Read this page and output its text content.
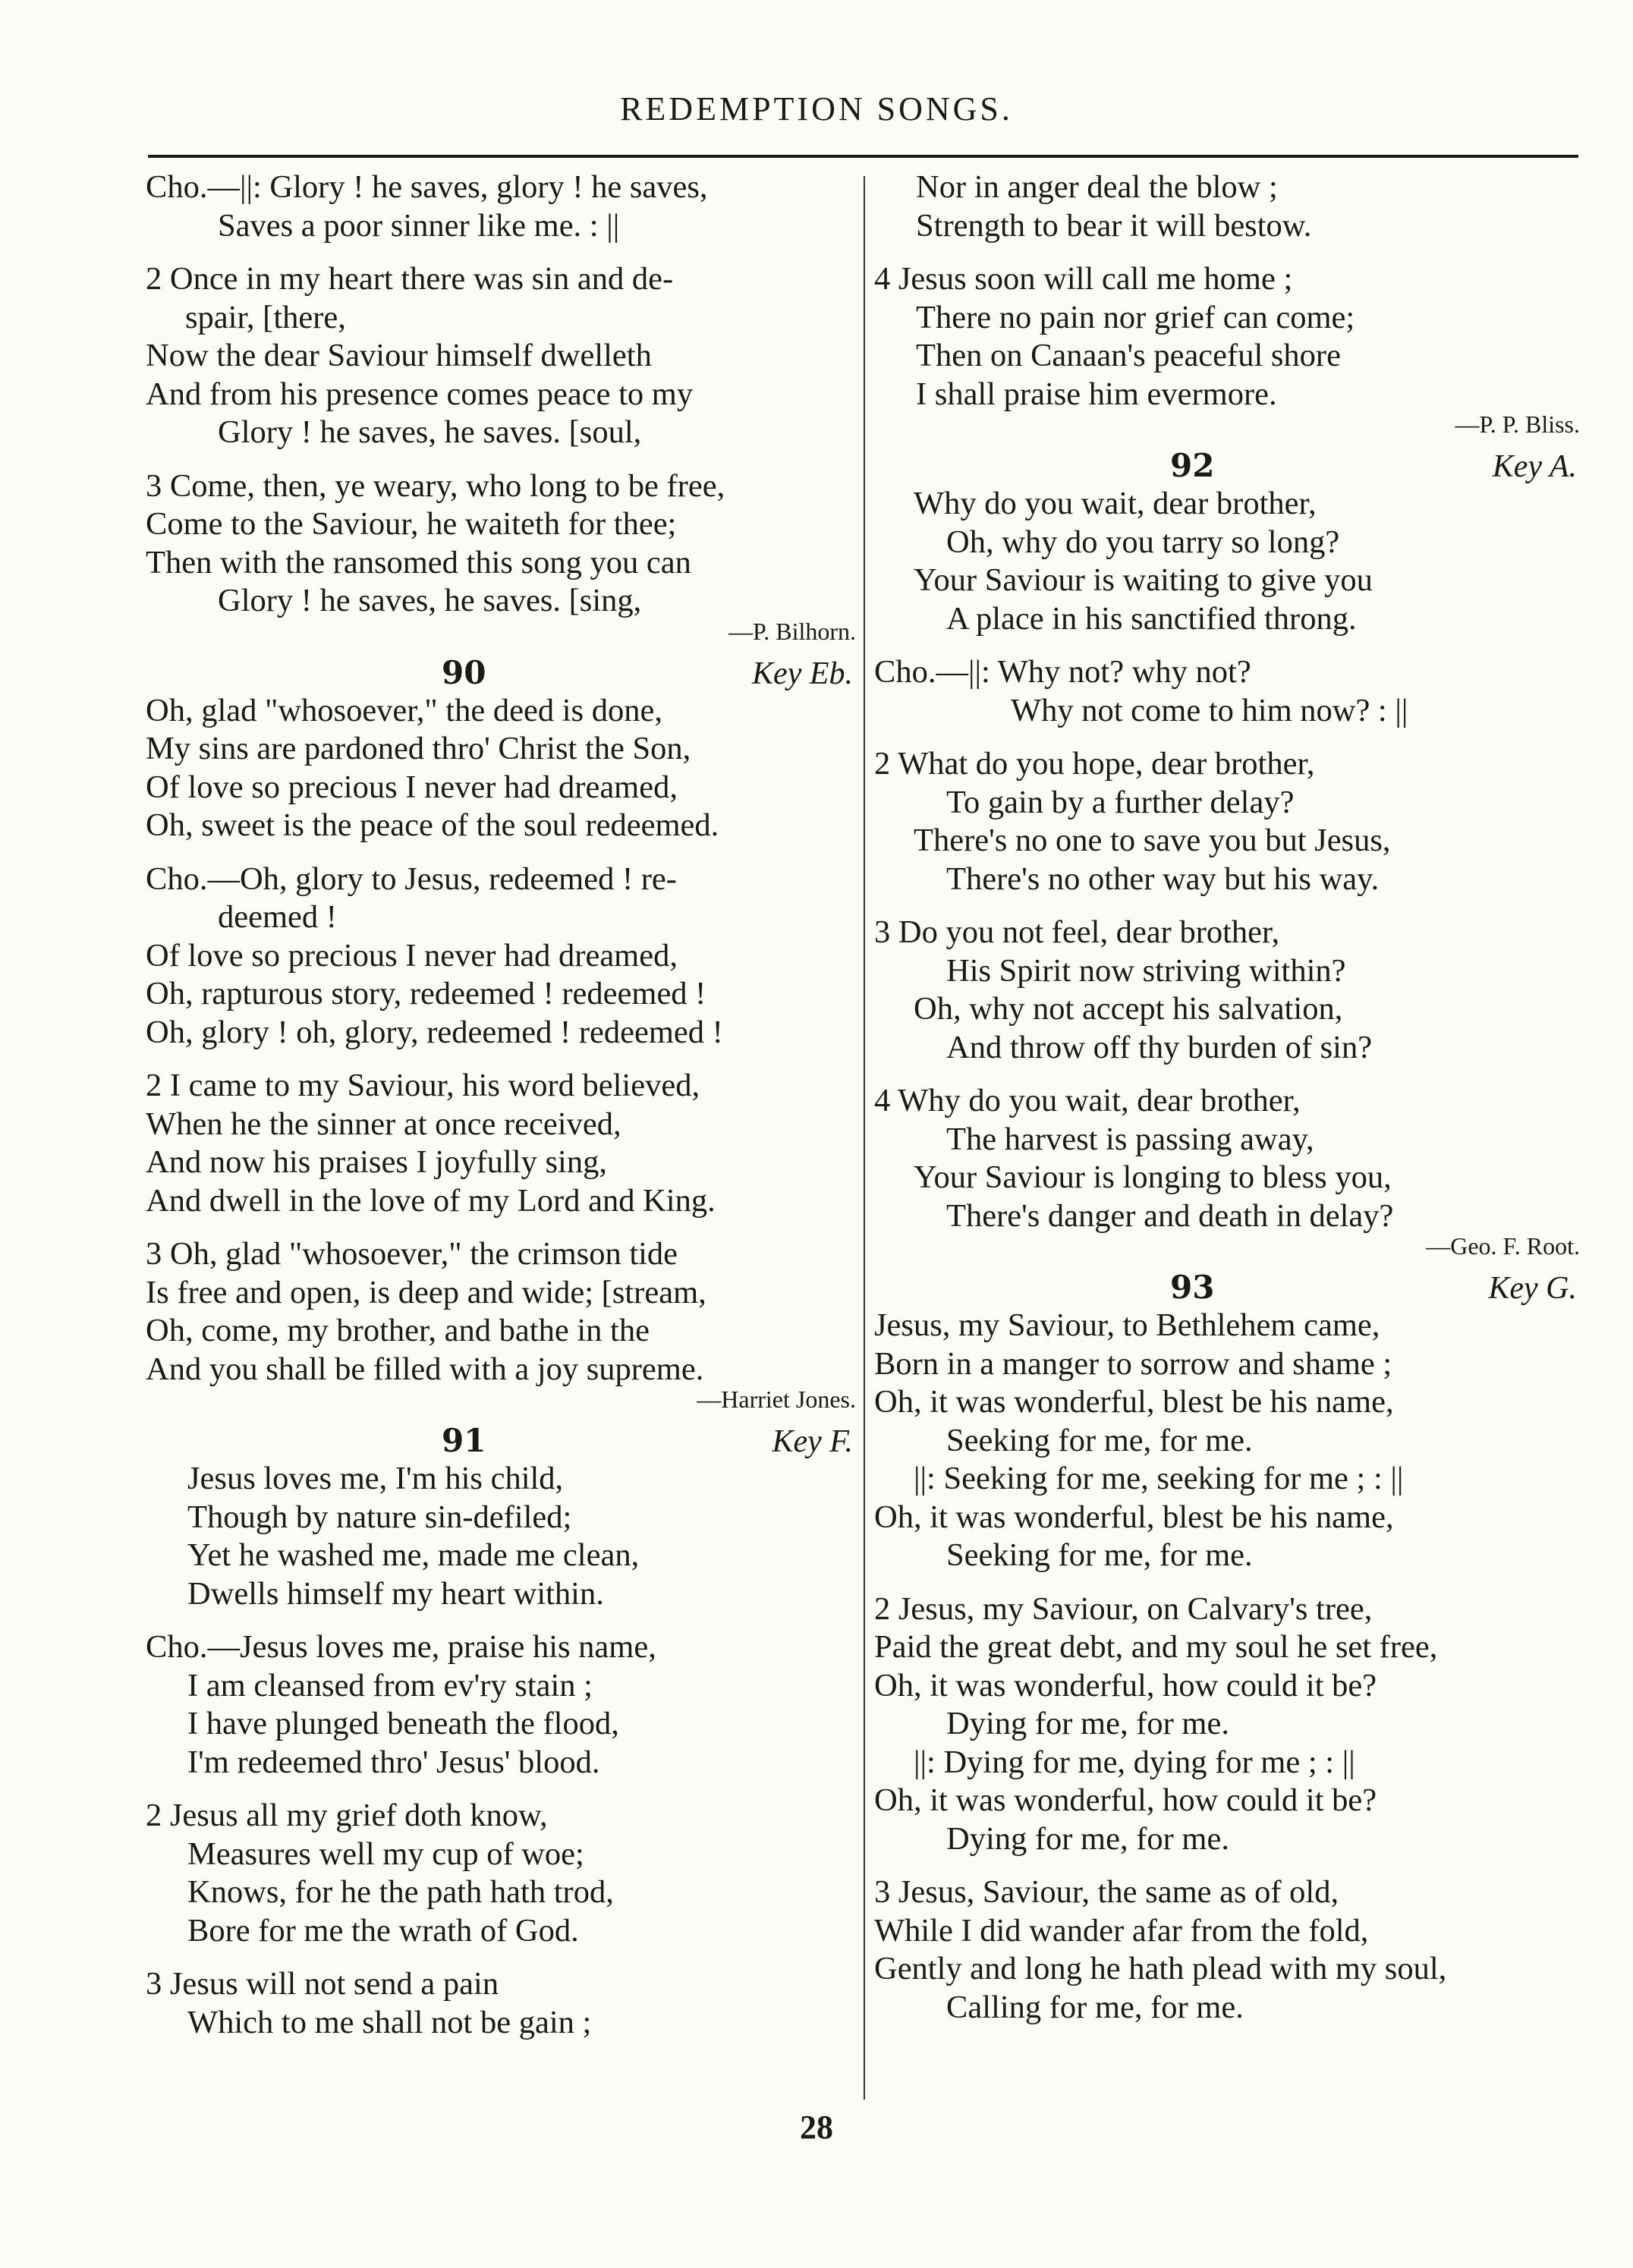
REDEMPTION SONGS.
Cho.—||: Glory ! he saves, glory ! he saves,
Saves a poor sinner like me. : ||
2 Once in my heart there was sin and de-
spair, [there,
Now the dear Saviour himself dwelleth
And from his presence comes peace to my
Glory ! he saves, he saves. [soul,
3 Come, then, ye weary, who long to be free,
Come to the Saviour, he waiteth for thee;
Then with the ransomed this song you can
Glory ! he saves, he saves. [sing,
—P. Bilhorn.
90	Key Eb.
Oh, glad "whosoever," the deed is done,
My sins are pardoned thro' Christ the Son,
Of love so precious I never had dreamed,
Oh, sweet is the peace of the soul redeemed.
Cho.—Oh, glory to Jesus, redeemed ! re-
deemed !
Of love so precious I never had dreamed,
Oh, rapturous story, redeemed ! redeemed !
Oh, glory ! oh, glory, redeemed ! redeemed !
2 I came to my Saviour, his word believed,
When he the sinner at once received,
And now his praises I joyfully sing,
And dwell in the love of my Lord and King.
3 Oh, glad "whosoever," the crimson tide
Is free and open, is deep and wide; [stream,
Oh, come, my brother, and bathe in the
And you shall be filled with a joy supreme.
—Harriet Jones.
91	Key F.
Jesus loves me, I'm his child,
Though by nature sin-defiled;
Yet he washed me, made me clean,
Dwells himself my heart within.
Cho.—Jesus loves me, praise his name,
I am cleansed from ev'ry stain ;
I have plunged beneath the flood,
I'm redeemed thro' Jesus' blood.
2 Jesus all my grief doth know,
Measures well my cup of woe;
Knows, for he the path hath trod,
Bore for me the wrath of God.
3 Jesus will not send a pain
Which to me shall not be gain ;
Nor in anger deal the blow ;
Strength to bear it will bestow.
4 Jesus soon will call me home ;
There no pain nor grief can come;
Then on Canaan's peaceful shore
I shall praise him evermore.
—P. P. Bliss.
92	Key A.
Why do you wait, dear brother,
Oh, why do you tarry so long?
Your Saviour is waiting to give you
A place in his sanctified throng.
Cho.—||: Why not? why not?
Why not come to him now? : ||
2 What do you hope, dear brother,
To gain by a further delay?
There's no one to save you but Jesus,
There's no other way but his way.
3 Do you not feel, dear brother,
His Spirit now striving within?
Oh, why not accept his salvation,
And throw off thy burden of sin?
4 Why do you wait, dear brother,
The harvest is passing away,
Your Saviour is longing to bless you,
There's danger and death in delay?
—Geo. F. Root.
93	Key G.
Jesus, my Saviour, to Bethlehem came,
Born in a manger to sorrow and shame ;
Oh, it was wonderful, blest be his name,
Seeking for me, for me.
||: Seeking for me, seeking for me ; : ||
Oh, it was wonderful, blest be his name,
Seeking for me, for me.
2 Jesus, my Saviour, on Calvary's tree,
Paid the great debt, and my soul he set free,
Oh, it was wonderful, how could it be?
Dying for me, for me.
||: Dying for me, dying for me ; : ||
Oh, it was wonderful, how could it be?
Dying for me, for me.
3 Jesus, Saviour, the same as of old,
While I did wander afar from the fold,
Gently and long he hath plead with my soul,
Calling for me, for me.
28
